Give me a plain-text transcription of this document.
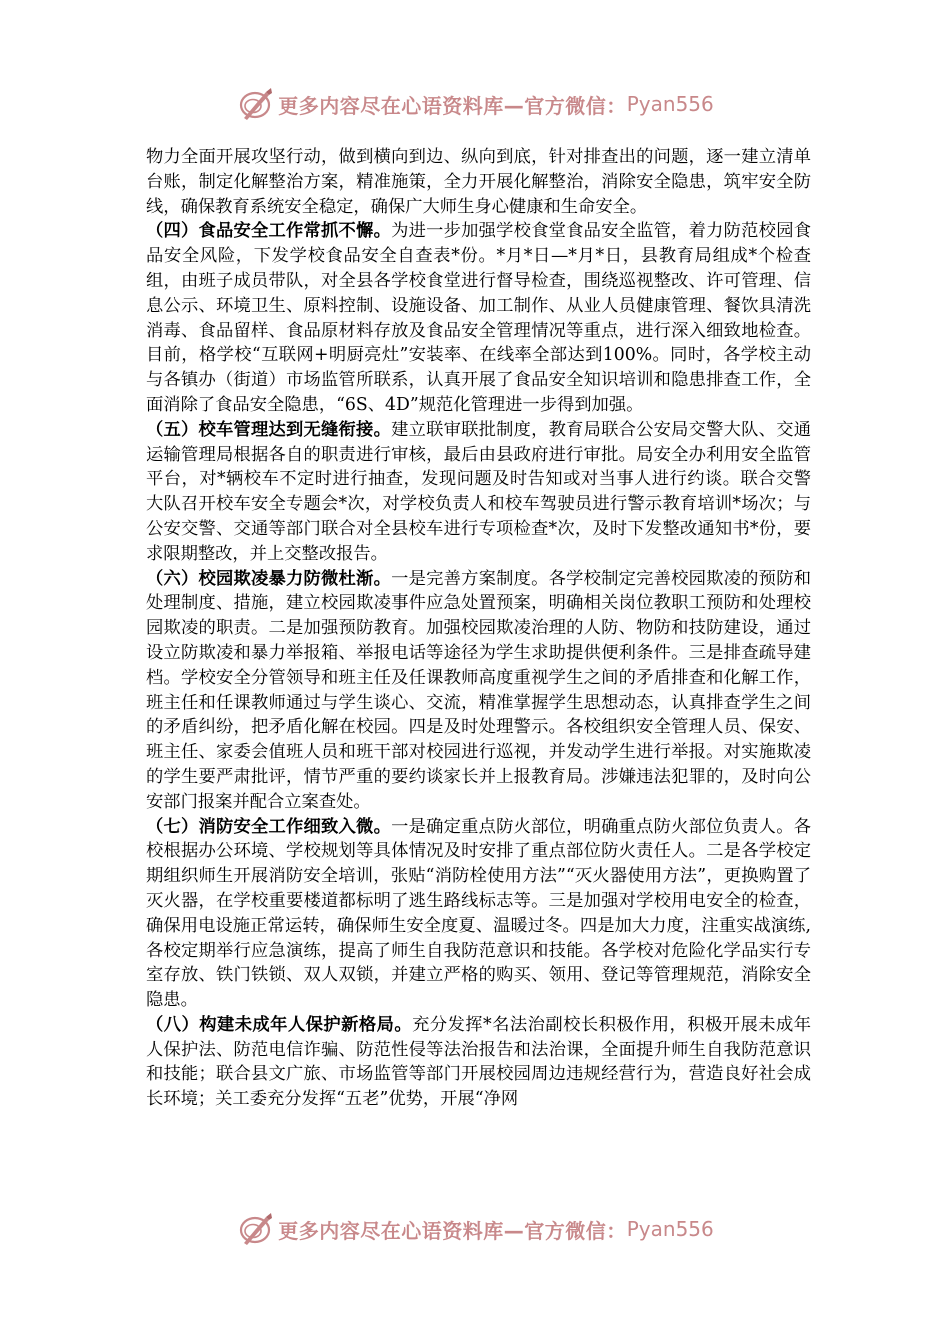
更多内容尽在心语资料库—官方微信： Pyan556

物力全面开展攻坚行动，做到横向到边、纵向到底，针对排查出的问题，逐一建立清单台账，制定化解整治方案，精准施策，全力开展化解整治，消除安全隐患，筑牢安全防线，确保教育系统安全稳定，确保广大师生身心健康和生命安全。

（四）食品安全工作常抓不懈。为进一步加强学校食堂食品安全监管，着力防范校园食品安全风险，下发学校食品安全自查表*份。*月*日—*月*日，县教育局组成*个检查组，由班子成员带队，对全县各学校食堂进行督导检查，围绕巡视整改、许可管理、信息公示、环境卫生、原料控制、设施设备、加工制作、从业人员健康管理、餐饮具清洗消毒、食品留样、食品原材料存放及食品安全管理情况等重点，进行深入细致地检查。目前，格学校“互联网+明厨亮灶”安装率、在线率全部达到100%。同时，各学校主动与各镇办（街道）市场监管所联系，认真开展了食品安全知识培训和隐患排查工作，全面消除了食品安全隐患，“6S、4D”规范化管理进一步得到加强。

（五）校车管理达到无缝衔接。建立联审联批制度，教育局联合公安局交警大队、交通运输管理局根据各自的职责进行审核，最后由县政府进行审批。局安全办利用安全监管平台，对*辆校车不定时进行抽查，发现问题及时告知或对当事人进行约谈。联合交警大队召开校车安全专题会*次，对学校负责人和校车驾驶员进行警示教育培训*场次；与公安交警、交通等部门联合对全县校车进行专项检查*次，及时下发整改通知书*份，要求限期整改，并上交整改报告。

（六）校园欺凌暴力防微杜渐。一是完善方案制度。各学校制定完善校园欺凌的预防和处理制度、措施，建立校园欺凌事件应急处置预案，明确相关岗位教职工预防和处理校园欺凌的职责。二是加强预防教育。加强校园欺凌治理的人防、物防和技防建设，通过设立防欺凌和暴力举报箱、举报电话等途径为学生求助提供便利条件。三是排查疏导建档。学校安全分管领导和班主任及任课教师高度重视学生之间的矛盾排查和化解工作，班主任和任课教师通过与学生谈心、交流，精准掌握学生思想动态，认真排查学生之间的矛盾纠纷，把矛盾化解在校园。四是及时处理警示。各校组织安全管理人员、保安、班主任、家委会值班人员和班干部对校园进行巡视，并发动学生进行举报。对实施欺凌的学生要严肃批评，情节严重的要约谈家长并上报教育局。涉嫌违法犯罪的，及时向公安部门报案并配合立案查处。

（七）消防安全工作细致入微。一是确定重点防火部位，明确重点防火部位负责人。各校根据办公环境、学校规划等具体情况及时安排了重点部位防火责任人。二是各学校定期组织师生开展消防安全培训，张贴“消防栓使用方法”“灭火器使用方法”，更换购置了灭火器，在学校重要楼道都标明了逃生路线标志等。三是加强对学校用电安全的检查，确保用电设施正常运转，确保师生安全度夏、温暖过冬。四是加大力度，注重实战演练,各校定期举行应急演练，提高了师生自我防范意识和技能。各学校对危险化学品实行专室存放、铁门铁锁、双人双锁，并建立严格的购买、领用、登记等管理规范，消除安全隐患。

（八）构建未成年人保护新格局。充分发挥*名法治副校长积极作用，积极开展未成年人保护法、防范电信诈骗、防范性侵等法治报告和法治课，全面提升师生自我防范意识和技能；联合县文广旅、市场监管等部门开展校园周边违规经营行为，营造良好社会成长环境；关工委充分发挥“五老”优势，开展“净网

更多内容尽在心语资料库—官方微信： Pyan556
